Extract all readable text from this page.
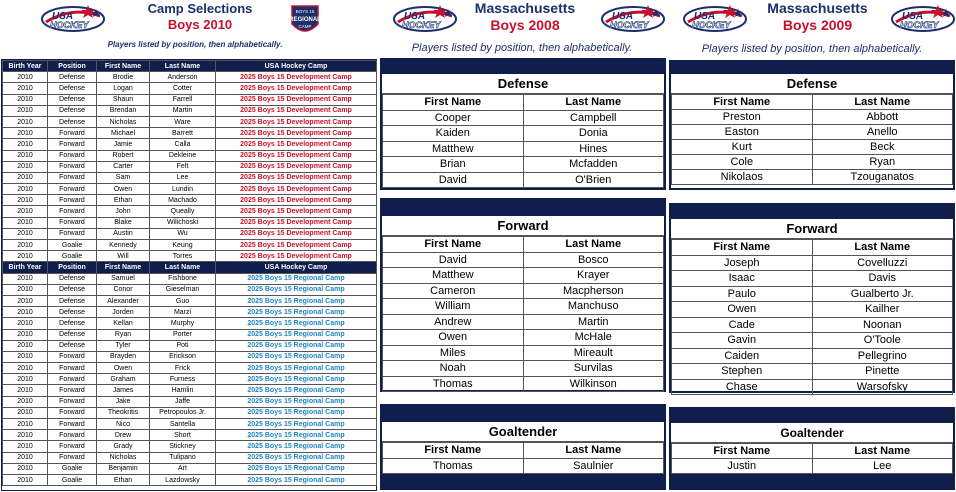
USA
HOCKEY
Camp Selections
Boys 2010
Players listed by position, then alphabetically.
BOYS 15
REGIONAL
CAMP
Birth Year	Position	First Name	Last Name	USA Hockey Camp
2010	Defense	Brodie	Anderson	2025 Boys 15 Development Camp
2010	Defense	Logan	Cotter	2025 Boys 15 Development Camp
2010	Defense	Shaun	Farrell	2025 Boys 15 Development Camp
2010	Defense	Brendan	Martin	2025 Boys 15 Development Camp
2010	Defense	Nicholas	Ware	2025 Boys 15 Development Camp
2010	Forward	Michael	Barrett	2025 Boys 15 Development Camp
2010	Forward	Jamie	Calla	2025 Boys 15 Development Camp
2010	Forward	Robert	Dekleine	2025 Boys 15 Development Camp
2010	Forward	Carter	Felt	2025 Boys 15 Development Camp
2010	Forward	Sam	Lee	2025 Boys 15 Development Camp
2010	Forward	Owen	Lundin	2025 Boys 15 Development Camp
2010	Forward	Ethan	Machado	2025 Boys 15 Development Camp
2010	Forward	John	Queally	2025 Boys 15 Development Camp
2010	Forward	Blake	Wilichoski	2025 Boys 15 Development Camp
2010	Forward	Austin	Wu	2025 Boys 15 Development Camp
2010	Goalie	Kennedy	Keung	2025 Boys 15 Development Camp
2010	Goalie	Will	Torres	2025 Boys 15 Development Camp
Birth Year	Position	First Name	Last Name	USA Hockey Camp
2010	Defense	Samuel	Fishbone	2025 Boys 15 Regional Camp
2010	Defense	Conor	Gieselman	2025 Boys 15 Regional Camp
2010	Defense	Alexander	Guo	2025 Boys 15 Regional Camp
2010	Defense	Jorden	Marzi	2025 Boys 15 Regional Camp
2010	Defense	Kellan	Murphy	2025 Boys 15 Regional Camp
2010	Defense	Ryan	Porter	2025 Boys 15 Regional Camp
2010	Defense	Tyler	Poti	2025 Boys 15 Regional Camp
2010	Forward	Brayden	Erickson	2025 Boys 15 Regional Camp
2010	Forward	Owen	Frick	2025 Boys 15 Regional Camp
2010	Forward	Graham	Furness	2025 Boys 15 Regional Camp
2010	Forward	James	Hamlin	2025 Boys 15 Regional Camp
2010	Forward	Jake	Jaffe	2025 Boys 15 Regional Camp
2010	Forward	Theokritis	Petropoulos Jr.	2025 Boys 15 Regional Camp
2010	Forward	Nico	Santella	2025 Boys 15 Regional Camp
2010	Forward	Drew	Short	2025 Boys 15 Regional Camp
2010	Forward	Grady	Stickney	2025 Boys 15 Regional Camp
2010	Forward	Nicholas	Tulipano	2025 Boys 15 Regional Camp
2010	Goalie	Benjamin	Art	2025 Boys 15 Regional Camp
2010	Goalie	Ethan	Lazdowsky	2025 Boys 15 Regional Camp
USA
HOCKEY
USA
HOCKEY
Massachusetts
Boys 2008
Players listed by position, then alphabetically.
Defense
First Name	Last Name
Cooper	Campbell
Kaiden	Donia
Matthew	Hines
Brian	Mcfadden
David	O'Brien
Forward
First Name	Last Name
David	Bosco
Matthew	Krayer
Cameron	Macpherson
William	Manchuso
Andrew	Martin
Owen	McHale
Miles	Mireault
Noah	Survilas
Thomas	Wilkinson
Goaltender
First Name	Last Name
Thomas	Saulnier
USA
HOCKEY
USA
HOCKEY
Massachusetts
Boys 2009
Players listed by position, then alphabetically.
Defense
First Name	Last Name
Preston	Abbott
Easton	Anello
Kurt	Beck
Cole	Ryan
Nikolaos	Tzouganatos
Forward
First Name	Last Name
Joseph	Covelluzzi
Isaac	Davis
Paulo	Gualberto Jr.
Owen	Kailher
Cade	Noonan
Gavin	O'Toole
Caiden	Pellegrino
Stephen	Pinette
Chase	Warsofsky
Goaltender
First Name	Last Name
Justin	Lee
